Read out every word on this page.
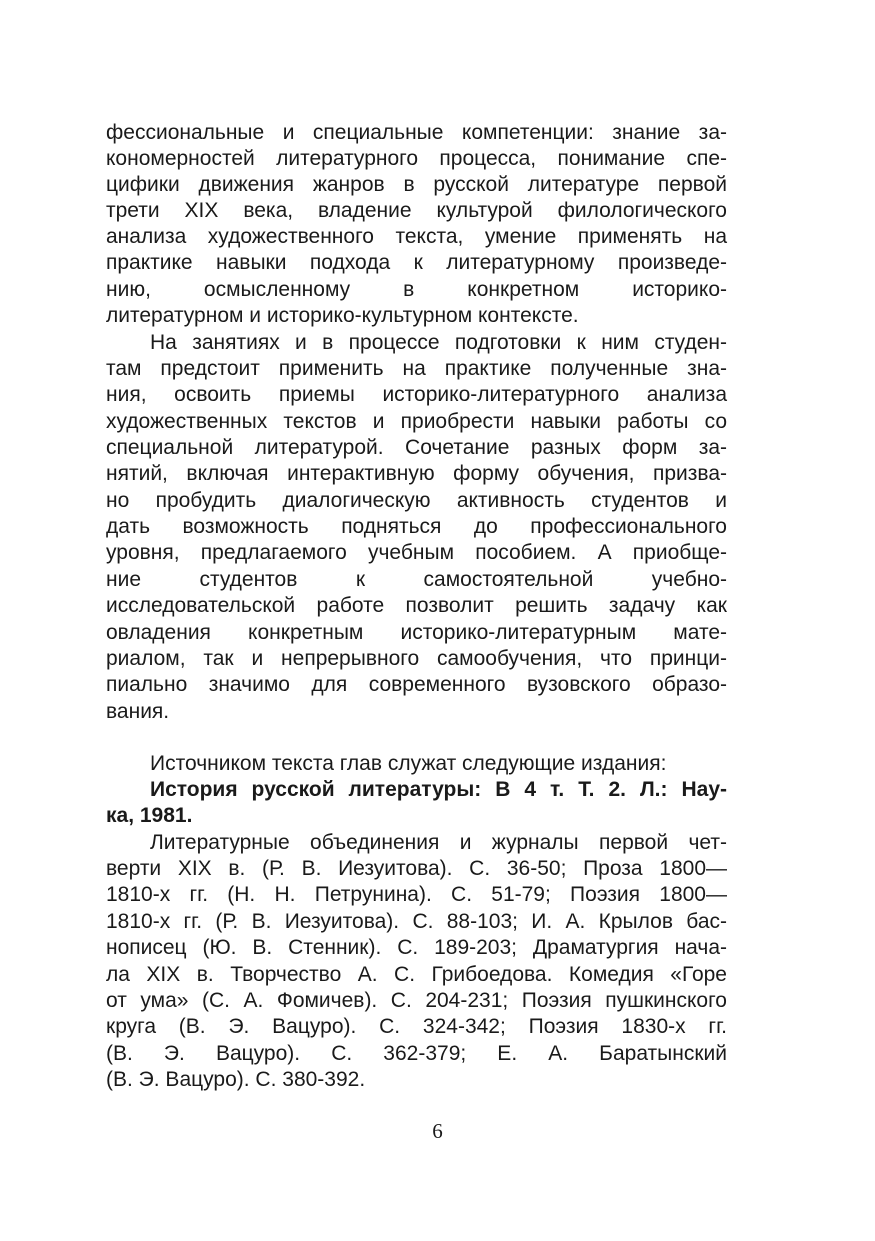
фессиональные и специальные компетенции: знание за-
кономерностей литературного процесса, понимание спе-
цифики движения жанров в русской литературе первой
трети XIX века, владение культурой филологического
анализа художественного текста, умение применять на
практике навыки подхода к литературному произведе-
нию, осмысленному в конкретном историко-
литературном и историко-культурном контексте.
На занятиях и в процессе подготовки к ним студен-
там предстоит применить на практике полученные зна-
ния, освоить приемы историко-литературного анализа
художественных текстов и приобрести навыки работы со
специальной литературой. Сочетание разных форм за-
нятий, включая интерактивную форму обучения, призва-
но пробудить диалогическую активность студентов и
дать возможность подняться до профессионального
уровня, предлагаемого учебным пособием. А приобще-
ние студентов к самостоятельной учебно-
исследовательской работе позволит решить задачу как
овладения конкретным историко-литературным мате-
риалом, так и непрерывного самообучения, что принци-
пиально значимо для современного вузовского образо-
вания.
Источником текста глав служат следующие издания:
История русской литературы: В 4 т. Т. 2. Л.: Нау-
ка, 1981.
Литературные объединения и журналы первой чет-
верти XIX в. (Р. В. Иезуитова). С. 36-50; Проза 1800—
1810-х гг. (Н. Н. Петрунина). С. 51-79; Поэзия 1800—
1810-х гг. (Р. В. Иезуитова). С. 88-103; И. А. Крылов бас-
нописец (Ю. В. Стенник). С. 189-203; Драматургия нача-
ла XIX в. Творчество А. С. Грибоедова. Комедия «Горе
от ума» (С. А. Фомичев). С. 204-231; Поэзия пушкинского
круга (В. Э. Вацуро). С. 324-342; Поэзия 1830-х гг.
(В. Э. Вацуро). С. 362-379; Е. А. Баратынский
(В. Э. Вацуро). С. 380-392.
6
